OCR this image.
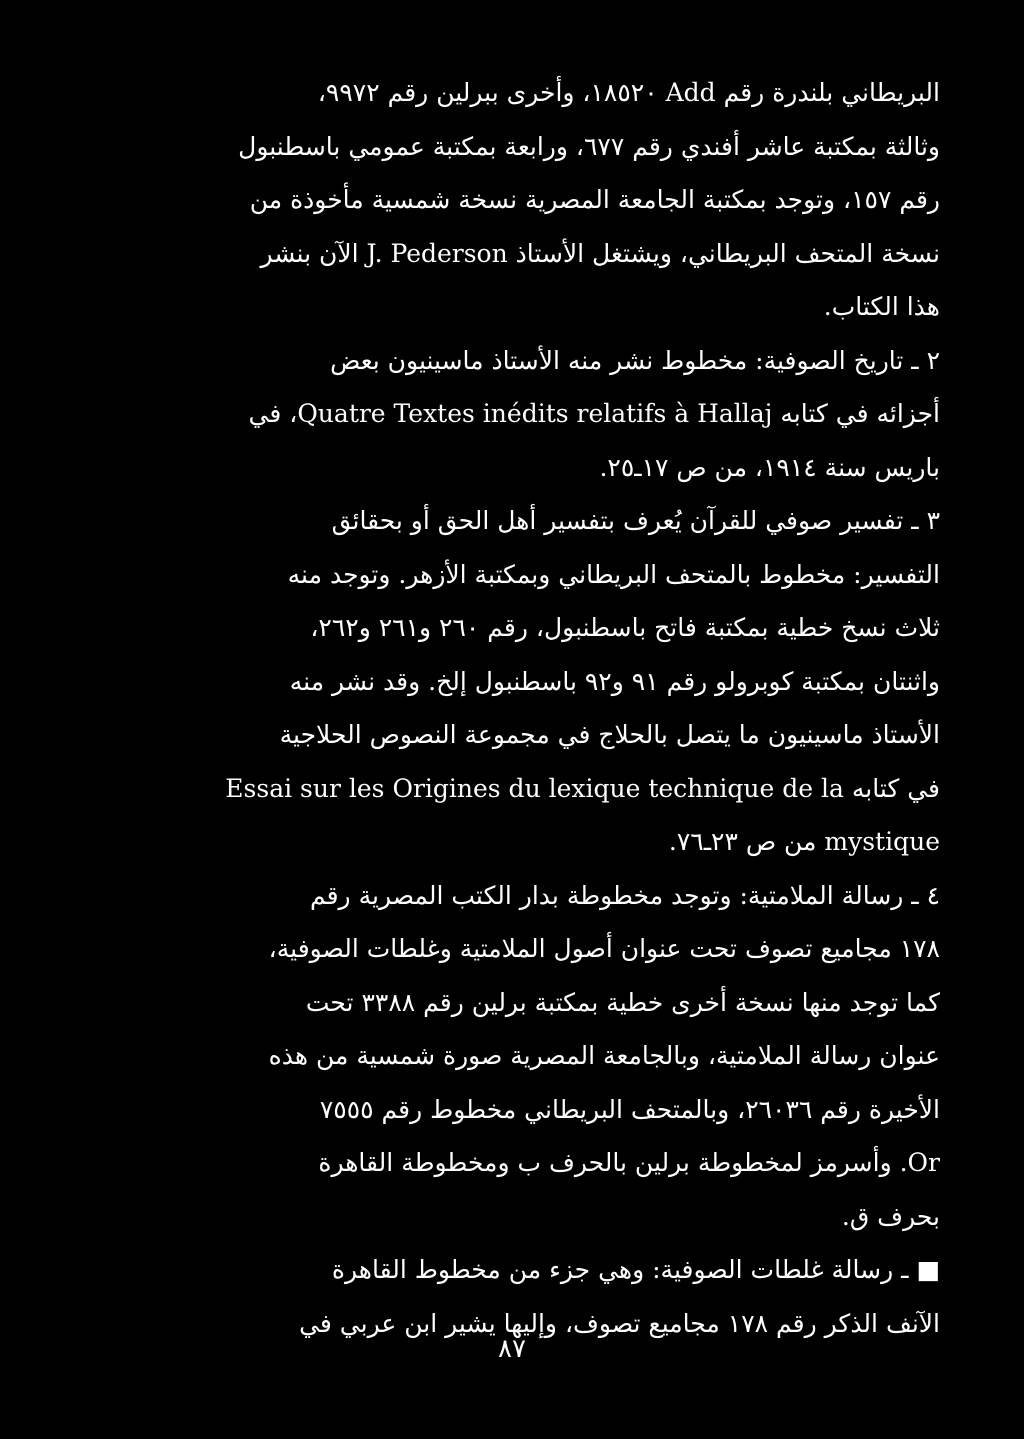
البريطاني بلندرة رقم Add ١٨٥٢٠، وأخرى ببرلين رقم ٩٩٧٢،
وثالثة بمكتبة عاشر أفندي رقم ٦٧٧، ورابعة بمكتبة عمومي باسطنبول
رقم ١٥٧، وتوجد بمكتبة الجامعة المصرية نسخة شمسية مأخوذة من
نسخة المتحف البريطاني، ويشتغل الأستاذ J. Pederson الآن بنشر
هذا الكتاب.
٢ ـ تاريخ الصوفية: مخطوط نشر منه الأستاذ ماسينيون بعض
أجزائه في كتابه Quatre Textes inédits relatifs à Hallaj، في
باريس سنة ١٩١٤، من ص ١٧ـ٢٥.
٣ ـ تفسير صوفي للقرآن يُعرف بتفسير أهل الحق أو بحقائق
التفسير: مخطوط بالمتحف البريطاني وبمكتبة الأزهر. وتوجد منه
ثلاث نسخ خطية بمكتبة فاتح باسطنبول، رقم ٢٦٠ و٢٦١ و٢٦٢،
واثنتان بمكتبة كوبرولو رقم ٩١ و٩٢ باسطنبول إلخ. وقد نشر منه
الأستاذ ماسينيون ما يتصل بالحلاج في مجموعة النصوص الحلاجية
في كتابه Essai sur les Origines du lexique technique de la
mystique من ص ٢٣ـ٧٦.
٤ ـ رسالة الملامتية: وتوجد مخطوطة بدار الكتب المصرية رقم
١٧٨ مجاميع تصوف تحت عنوان أصول الملامتية وغلطات الصوفية،
كما توجد منها نسخة أخرى خطية بمكتبة برلين رقم ٣٣٨٨ تحت
عنوان رسالة الملامتية، وبالجامعة المصرية صورة شمسية من هذه
الأخيرة رقم ٢٦٠٣٦، وبالمتحف البريطاني مخطوط رقم ٧٥٥٥
Or. وأسرمز لمخطوطة برلين بالحرف ب ومخطوطة القاهرة
بحرف ق.
■ ـ رسالة غلطات الصوفية: وهي جزء من مخطوط القاهرة
الآنف الذكر رقم ١٧٨ مجاميع تصوف، وإليها يشير ابن عربي في
٨٧
